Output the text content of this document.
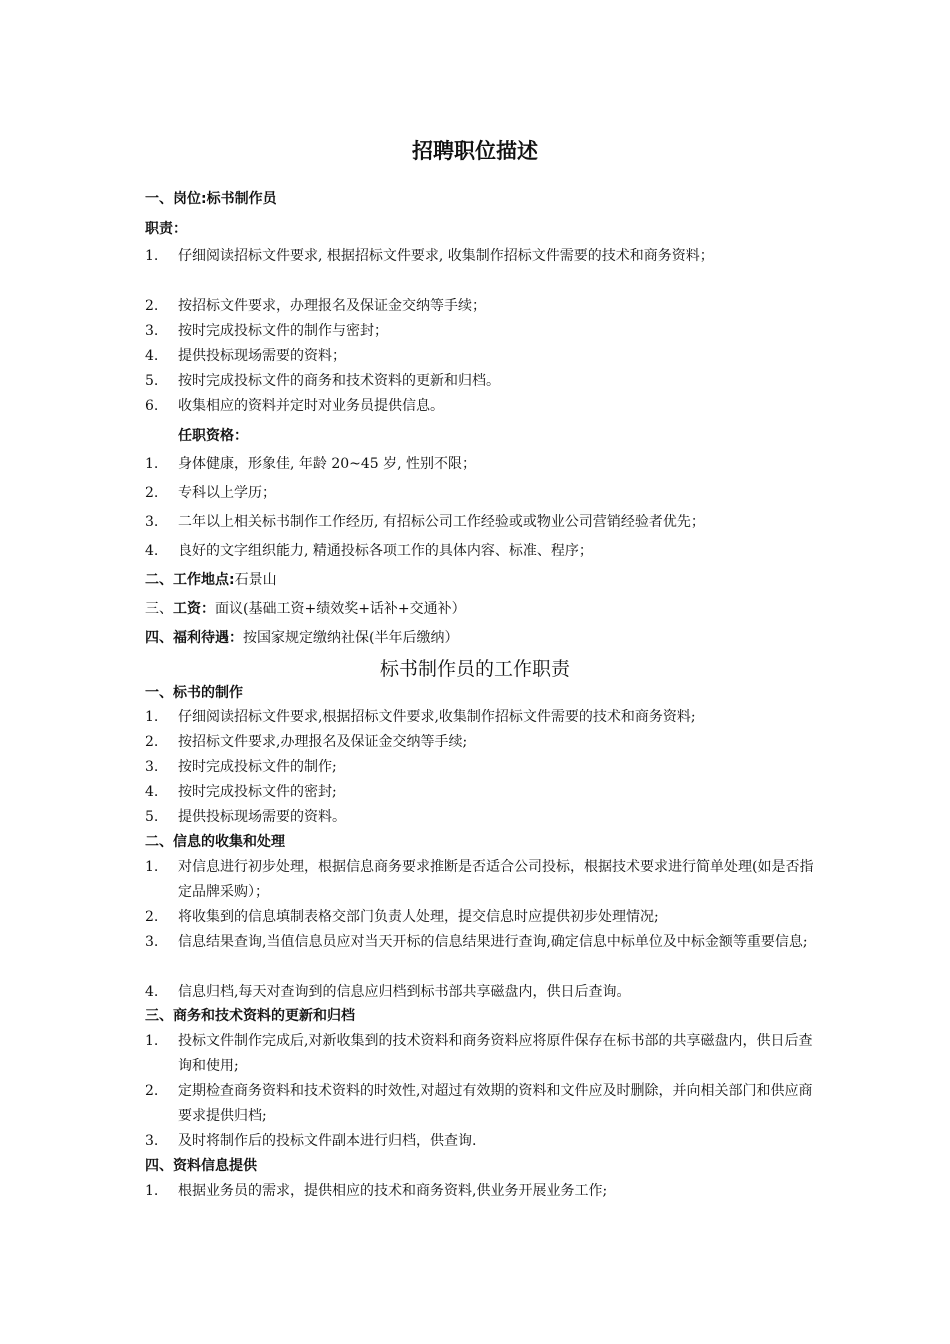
招聘职位描述
一、岗位:标书制作员
职责：
1.	仔细阅读招标文件要求, 根据招标文件要求, 收集制作招标文件需要的技术和商务资料；
2.	按招标文件要求，办理报名及保证金交纳等手续；
3.	按时完成投标文件的制作与密封；
4.	提供投标现场需要的资料；
5.	按时完成投标文件的商务和技术资料的更新和归档。
6.	收集相应的资料并定时对业务员提供信息。
任职资格：
1.	身体健康，形象佳, 年龄 20~45 岁, 性别不限；
2.	专科以上学历；
3.	二年以上相关标书制作工作经历, 有招标公司工作经验或或物业公司营销经验者优先；
4.	良好的文字组织能力, 精通投标各项工作的具体内容、标准、程序；
二、工作地点:石景山
三、工资：面议(基础工资+绩效奖+话补+交通补）
四、福利待遇：按国家规定缴纳社保(半年后缴纳）
标书制作员的工作职责
一、标书的制作
1.	仔细阅读招标文件要求,根据招标文件要求,收集制作招标文件需要的技术和商务资料;
2.	按招标文件要求,办理报名及保证金交纳等手续;
3.	按时完成投标文件的制作;
4.	按时完成投标文件的密封;
5.	提供投标现场需要的资料。
二、信息的收集和处理
1.	对信息进行初步处理，根据信息商务要求推断是否适合公司投标，根据技术要求进行简单处理(如是否指定品牌采购）；
2.	将收集到的信息填制表格交部门负责人处理，提交信息时应提供初步处理情况;
3.	信息结果查询,当值信息员应对当天开标的信息结果进行查询,确定信息中标单位及中标金额等重要信息;
4.	信息归档,每天对查询到的信息应归档到标书部共享磁盘内，供日后查询。
三、商务和技术资料的更新和归档
1.	投标文件制作完成后,对新收集到的技术资料和商务资料应将原件保存在标书部的共享磁盘内，供日后查询和使用;
2.	定期检查商务资料和技术资料的时效性,对超过有效期的资料和文件应及时删除，并向相关部门和供应商要求提供归档;
3.	及时将制作后的投标文件副本进行归档，供查询.
四、资料信息提供
1.	根据业务员的需求，提供相应的技术和商务资料,供业务开展业务工作;
